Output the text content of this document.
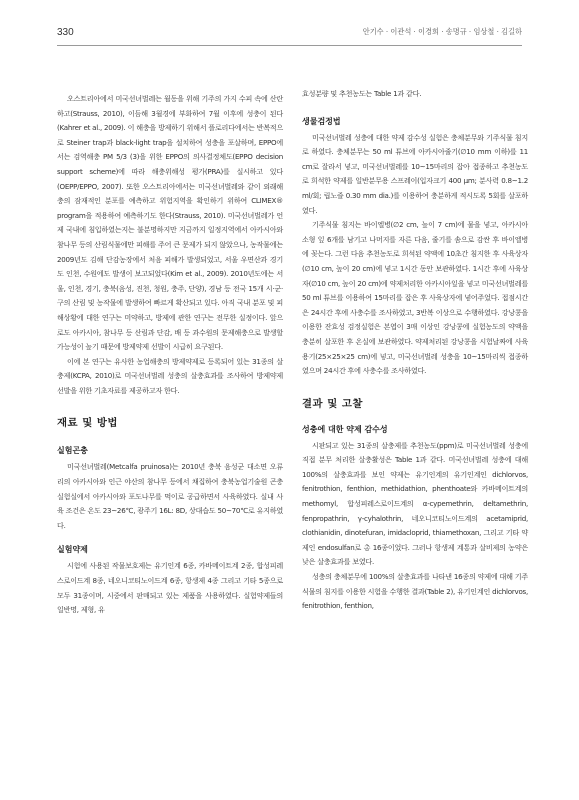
330	안기수 · 이관석 · 이경희 · 송명규 · 임상철 · 김길하

오스트리아에서 미국선녀벌레는 월동을 위해 기주의 가지 수피 속에 산란하고(Strauss, 2010), 이듬해 3월경에 부화하여 7월 이후에 성충이 된다(Kahrer et al., 2009). 이 해충을 방제하기 위해서 플로리다에서는 반복적으로 Steiner trap과 black-light trap을 설치하여 성충을 포살하며, EPPO에서는 검역해충 PM 5/3 (3)을 위한 EPPO의 의사결정체도(EPPO decision support scheme)에 따라 해충위해성 평가(PRA)를 실시하고 있다(OEPP/EPPO, 2007). 또한 오스트리아에서는 미국선녀벌레와 같이 외래해충의 잠재적인 분포를 예측하고 위험지역을 확인하기 위하여 CLIMEX® program을 적용하여 예측하기도 한다(Strauss, 2010). 미국선녀벌레가 언제 국내에 침입하였는지는 불분명하지만 지금까지 일정지역에서 아카시아와 참나무 등의 산림식물에만 피해를 주어 큰 문제가 되지 않았으나, 농작물에는 2009년도 김해 단감농장에서 처음 피해가 발생되었고, 서울 우면산과 경기도 인천, 수원에도 발생이 보고되었다(Kim et al., 2009). 2010년도에는 서울, 인천, 경기, 충북(음성, 진천, 청원, 충주, 단양), 경남 등 전국 15개 시·군·구의 산림 및 농작물에 발생하여 빠르게 확산되고 있다. 아직 국내 분포 및 피해상황에 대한 연구는 미약하고, 방제에 관한 연구는 전무한 실정이다. 앞으로도 아카시아, 참나무 등 산림과 단감, 배 등 과수원의 문제해충으로 발생할 가능성이 높기 때문에 방제약제 선발이 시급히 요구된다.

이에 본 연구는 유사한 농업해충의 방제약제로 등록되어 있는 31종의 살충제(KCPA, 2010)로 미국선녀벌레 성충의 살충효과를 조사하여 방제약제 선발을 위한 기초자료를 제공하고자 한다.

재료 및 방법
실험곤충

미국선녀벌레(Metcalfa pruinosa)는 2010년 충북 음성군 대소면 오류리의 아카시아와 인근 야산의 참나무 등에서 채집하여 충북농업기술원 곤충실험실에서 아카시아와 포도나무를 먹이로 공급하면서 사육하였다. 실내 사육 조건은 온도 23~26℃, 광주기 16L: 8D, 상대습도 50~70℃로 유지하였다.

실험약제

시험에 사용된 작물보호제는 유기인계 6종, 카바메이트계 2종, 합성피레스로이드계 8종, 네오니코티노이드계 6종, 항생제 4종 그리고 기타 5종으로 모두 31종이며, 시중에서 판매되고 있는 제품을 사용하였다. 실험약제들의 일반명, 제형, 유

효성분량 및 추천농도는 Table 1과 같다.

생물검정법

미국선녀벌레 성충에 대한 약제 감수성 실험은 충체분무와 기주식물 침지로 하였다. 충체분무는 50 ml 튜브에 아카시아줄기(∅10 mm 이하)를 11 cm로 잘라서 넣고, 미국선녀벌레를 10~15마리의 잡아 접종하고 추천농도로 희석한 약제를 일반분무용 스프레이(입자크기 400 μm; 분사력 0.8~1.2 ml/회; 립노즐 0.30 mm dia.)를 이용하여 충분하게 적시도록 5회를 살포하였다.

기주식물 침지는 바이엘병(∅2 cm, 높이 7 cm)에 물을 넣고, 아카시아 소형 잎 6개를 남기고 나머지를 자른 다음, 줄기를 솜으로 감싼 후 바이엘병에 꽂는다. 그런 다음 추천농도로 희석된 약액에 10초간 침지한 후 사육상자(∅10 cm, 높이 20 cm)에 넣고 1시간 동안 보관하였다. 1시간 후에 사육상자(∅10 cm, 높이 20 cm)에 약제처리한 아카시아잎을 넣고 미국선녀벌레를 50 ml 튜브를 이용하여 15마리를 잡은 후 사육상자에 넣어주었다. 접점시간은 24시간 후에 사충수를 조사하였고, 3반복 이상으로 수행하였다. 강낭콩을 이용한 잔효성 검정실험은 본엽이 3매 이상인 강낭콩에 실험농도의 약액을 충분히 살포한 후 온실에 보관하였다. 약제처리된 강낭콩을 시험날짜에 사육용기(25×25×25 cm)에 넣고, 미국선녀벌레 성충을 10~15마리씩 접종하였으며 24시간 후에 사충수를 조사하였다.

결과 및 고찰
성충에 대한 약제 감수성

시판되고 있는 31종의 살충제를 추천농도(ppm)로 미국선녀벌레 성충에 직접 분무 처리한 살충활성은 Table 1과 같다. 미국선녀벌레 성충에 대해 100%의 살충효과를 보인 약제는 유기인계의 유기인계인 dichlorvos, fenitrothion, fenthion, methidathion, phenthoate와 카바메이트계의 methomyl, 합성피레스로이드계의 α-cypemethrin, deltamethrin, fenpropathrin, γ-cyhalothrin, 네오니코티노이드계의 acetamiprid, clothianidin, dinotefuran, imidacloprid, thiamethoxan, 그리고 기타 약제인 endosulfan로 총 16종이었다. 그러나 항생제 계통과 살비제의 농약은 낮은 살충효과를 보였다.

성충의 충체분무에 100%의 살충효과를 나타낸 16종의 약제에 대해 기주식물의 침지를 이용한 시험을 수행한 결과(Table 2), 유기인계인 dichlorvos, fenitrothion, fenthion,
